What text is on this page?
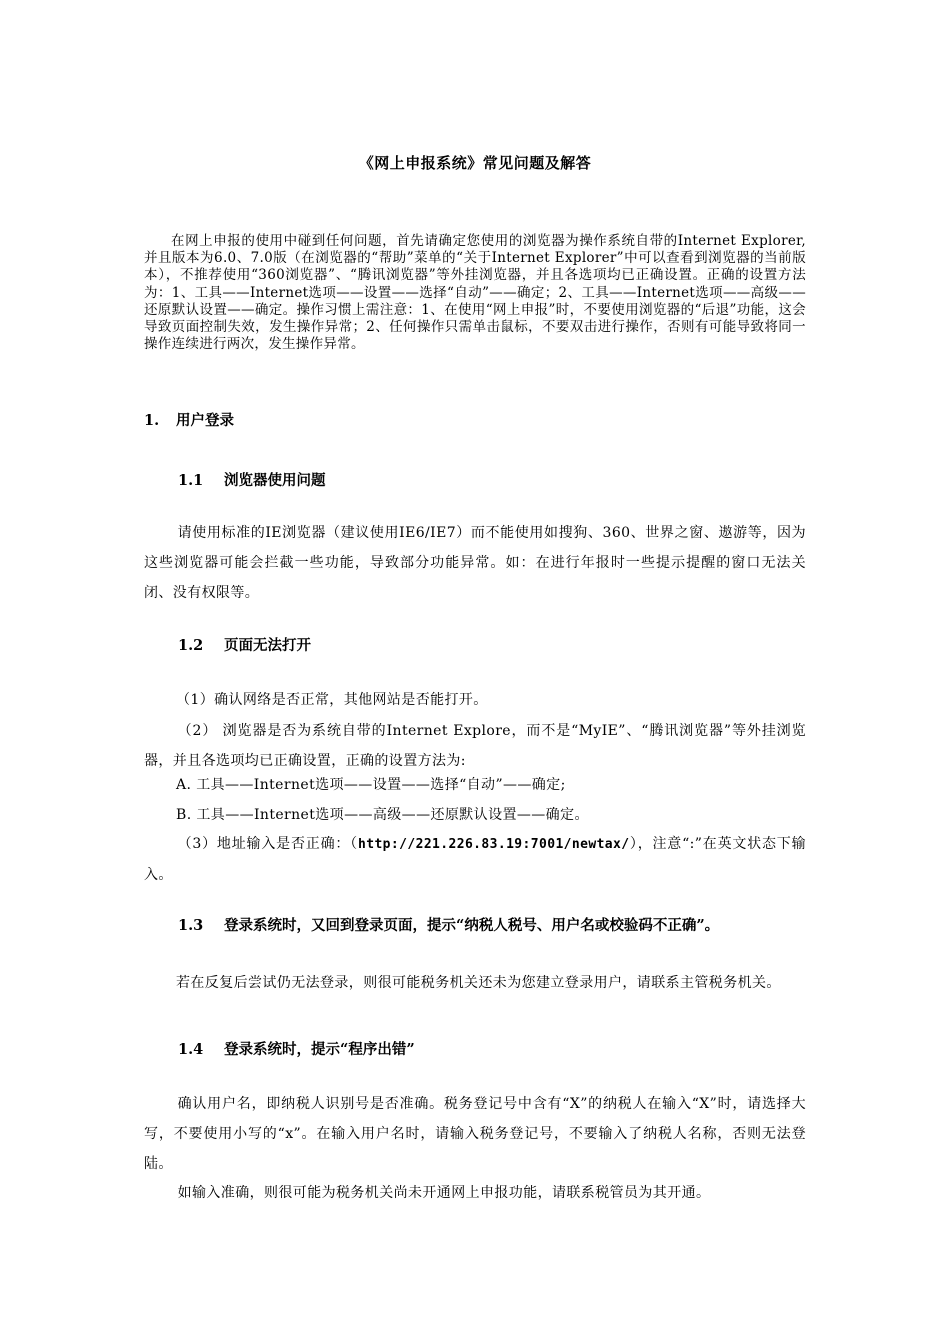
《网上申报系统》常见问题及解答

在网上申报的使用中碰到任何问题，首先请确定您使用的浏览器为操作系统自带的Internet Explorer,并且版本为6.0、7.0版（在浏览器的“帮助”菜单的“关于Internet Explorer”中可以查看到浏览器的当前版本），不推荐使用“360浏览器”、“腾讯浏览器”等外挂浏览器，并且各选项均已正确设置。正确的设置方法为：1、工具——Internet选项——设置——选择“自动”——确定；2、工具——Internet选项——高级——还原默认设置——确定。操作习惯上需注意：1、在使用“网上申报”时，不要使用浏览器的“后退”功能，这会导致页面控制失效，发生操作异常；2、任何操作只需单击鼠标，不要双击进行操作，否则有可能导致将同一操作连续进行两次，发生操作异常。

1. 用户登录

1.1 浏览器使用问题

请使用标准的IE浏览器（建议使用IE6/IE7）而不能使用如搜狗、360、世界之窗、遨游等，因为这些浏览器可能会拦截一些功能，导致部分功能异常。如：在进行年报时一些提示提醒的窗口无法关闭、没有权限等。

1.2 页面无法打开

（1）确认网络是否正常，其他网站是否能打开。

（2） 浏览器是否为系统自带的Internet Explore，而不是“MyIE”、“腾讯浏览器”等外挂浏览器，并且各选项均已正确设置，正确的设置方法为:

A. 工具——Internet选项——设置——选择“自动”——确定;

B. 工具——Internet选项——高级——还原默认设置——确定。

（3）地址输入是否正确：（http://221.226.83.19:7001/newtax/），注意“:”在英文状态下输入。

1.3 登录系统时，又回到登录页面，提示“纳税人税号、用户名或校验码不正确”。

若在反复后尝试仍无法登录，则很可能税务机关还未为您建立登录用户，请联系主管税务机关。

1.4 登录系统时，提示“程序出错”

确认用户名，即纳税人识别号是否准确。税务登记号中含有“X”的纳税人在输入“X”时，请选择大写，不要使用小写的“x”。在输入用户名时，请输入税务登记号，不要输入了纳税人名称，否则无法登陆。

如输入准确，则很可能为税务机关尚未开通网上申报功能，请联系税管员为其开通。
